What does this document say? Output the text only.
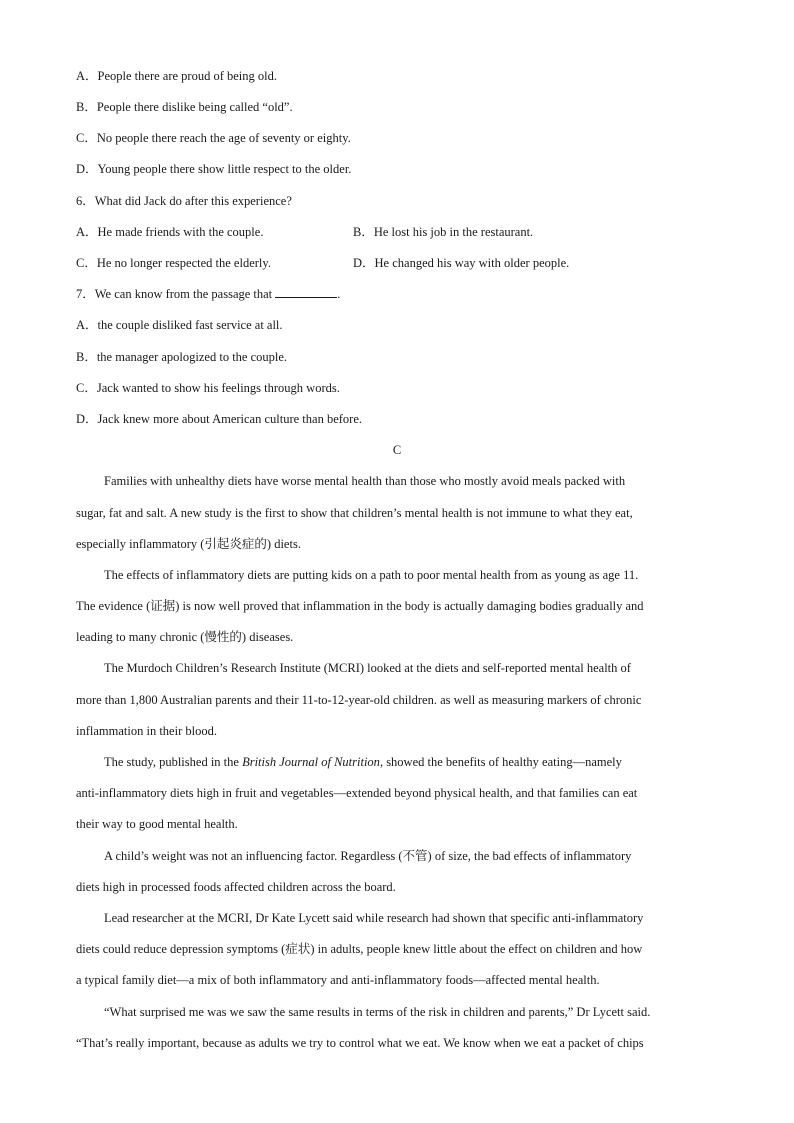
A．People there are proud of being old.
B．People there dislike being called “old”.
C．No people there reach the age of seventy or eighty.
D．Young people there show little respect to the older.
6．What did Jack do after this experience?
A．He made friends with the couple.	B．He lost his job in the restaurant.
C．He no longer respected the elderly.	D．He changed his way with older people.
7．We can know from the passage that	.
A．the couple disliked fast service at all.
B．the manager apologized to the couple.
C．Jack wanted to show his feelings through words.
D．Jack knew more about American culture than before.
C
Families with unhealthy diets have worse mental health than those who mostly avoid meals packed with
sugar, fat and salt. A new study is the first to show that children’s mental health is not immune to what they eat,
especially inflammatory (引起炎症的) diets.
The effects of inflammatory diets are putting kids on a path to poor mental health from as young as age 11.
The evidence (证据) is now well proved that inflammation in the body is actually damaging bodies gradually and
leading to many chronic (慢性的) diseases.
The Murdoch Children’s Research Institute (MCRI) looked at the diets and self-reported mental health of
more than 1,800 Australian parents and their 11-to-12-year-old children. as well as measuring markers of chronic
inflammation in their blood.
The study, published in the British Journal of Nutrition, showed the benefits of healthy eating—namely
anti-inflammatory diets high in fruit and vegetables—extended beyond physical health, and that families can eat
their way to good mental health.
A child’s weight was not an influencing factor. Regardless (不管) of size, the bad effects of inflammatory
diets high in processed foods affected children across the board.
Lead researcher at the MCRI, Dr Kate Lycett said while research had shown that specific anti-inflammatory
diets could reduce depression symptoms (症状) in adults, people knew little about the effect on children and how
a typical family diet—a mix of both inflammatory and anti-inflammatory foods—affected mental health.
“What surprised me was we saw the same results in terms of the risk in children and parents,” Dr Lycett said.
“That’s really important, because as adults we try to control what we eat. We know when we eat a packet of chips
